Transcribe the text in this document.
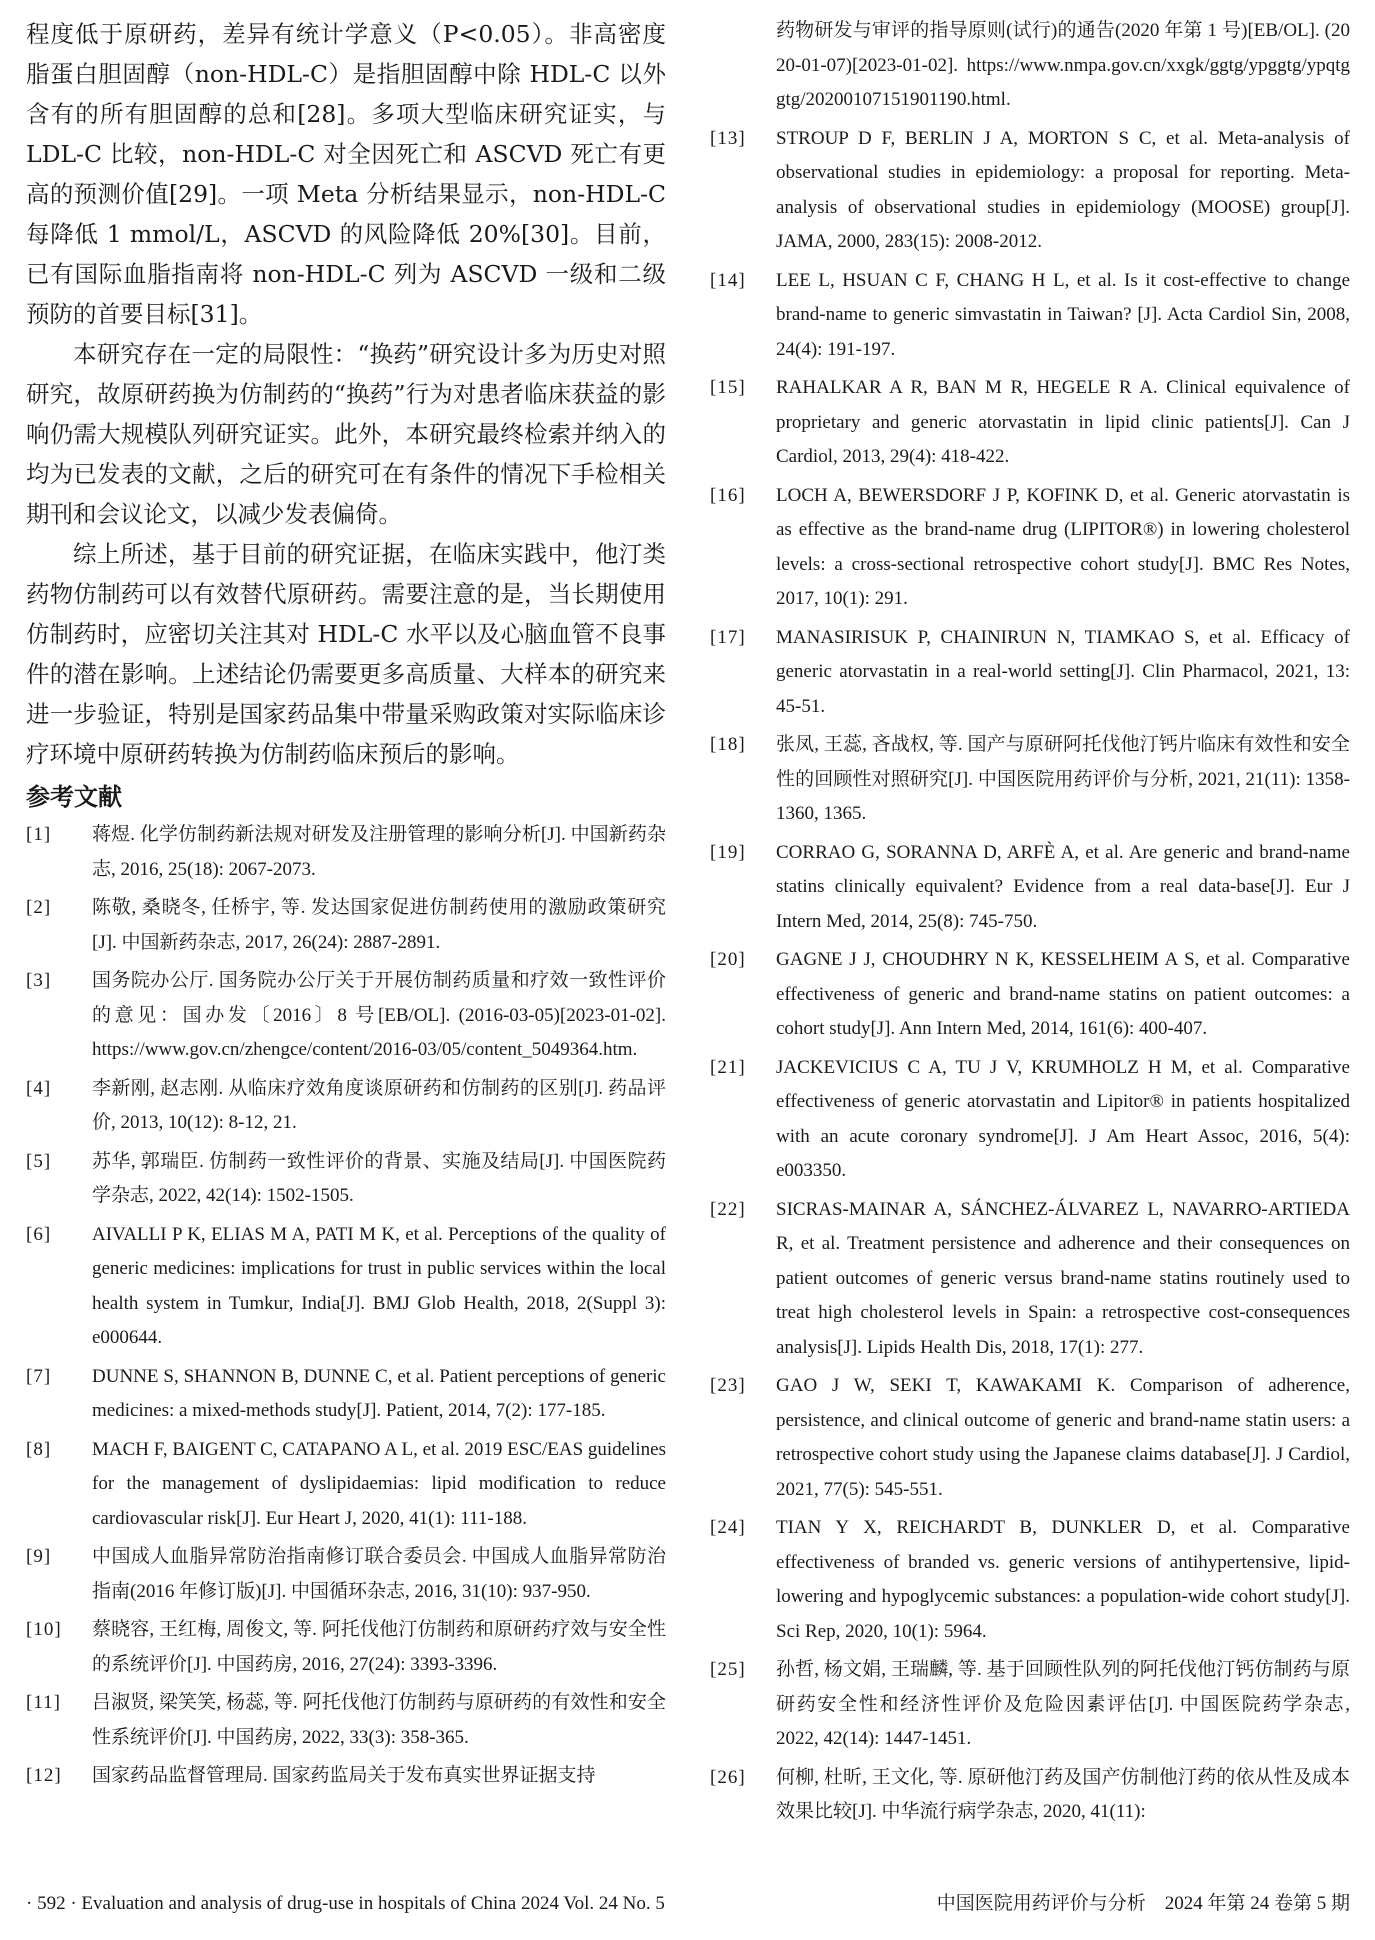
程度低于原研药，差异有统计学意义（P<0.05）。非高密度脂蛋白胆固醇（non-HDL-C）是指胆固醇中除 HDL-C 以外含有的所有胆固醇的总和[28]。多项大型临床研究证实，与 LDL-C 比较，non-HDL-C 对全因死亡和 ASCVD 死亡有更高的预测价值[29]。一项 Meta 分析结果显示，non-HDL-C 每降低 1 mmol/L，ASCVD 的风险降低 20%[30]。目前，已有国际血脂指南将 non-HDL-C 列为 ASCVD 一级和二级预防的首要目标[31]。

本研究存在一定的局限性：“换药”研究设计多为历史对照研究，故原研药换为仿制药的“换药”行为对患者临床获益的影响仍需大规模队列研究证实。此外，本研究最终检索并纳入的均为已发表的文献，之后的研究可在有条件的情况下手检相关期刊和会议论文，以减少发表偏倚。

综上所述，基于目前的研究证据，在临床实践中，他汀类药物仿制药可以有效替代原研药。需要注意的是，当长期使用仿制药时，应密切关注其对 HDL-C 水平以及心脑血管不良事件的潜在影响。上述结论仍需要更多高质量、大样本的研究来进一步验证，特别是国家药品集中带量采购政策对实际临床诊疗环境中原研药转换为仿制药临床预后的影响。

参考文献
[1]	蒋煜. 化学仿制药新法规对研发及注册管理的影响分析[J]. 中国新药杂志, 2016, 25(18): 2067-2073.
[2]	陈敬, 桑晓冬, 任桥宇, 等. 发达国家促进仿制药使用的激励政策研究[J]. 中国新药杂志, 2017, 26(24): 2887-2891.
[3]	国务院办公厅. 国务院办公厅关于开展仿制药质量和疗效一致性评价的意见：国办发〔2016〕8 号[EB/OL]. (2016-03-05)[2023-01-02]. https://www.gov.cn/zhengce/content/2016-03/05/content_5049364.htm.
[4]	李新刚, 赵志刚. 从临床疗效角度谈原研药和仿制药的区别[J]. 药品评价, 2013, 10(12): 8-12, 21.
[5]	苏华, 郭瑞臣. 仿制药一致性评价的背景、实施及结局[J]. 中国医院药学杂志, 2022, 42(14): 1502-1505.
[6]	AIVALLI P K, ELIAS M A, PATI M K, et al. Perceptions of the quality of generic medicines: implications for trust in public services within the local health system in Tumkur, India[J]. BMJ Glob Health, 2018, 2(Suppl 3): e000644.
[7]	DUNNE S, SHANNON B, DUNNE C, et al. Patient perceptions of generic medicines: a mixed-methods study[J]. Patient, 2014, 7(2): 177-185.
[8]	MACH F, BAIGENT C, CATAPANO A L, et al. 2019 ESC/EAS guidelines for the management of dyslipidaemias: lipid modification to reduce cardiovascular risk[J]. Eur Heart J, 2020, 41(1): 111-188.
[9]	中国成人血脂异常防治指南修订联合委员会. 中国成人血脂异常防治指南(2016 年修订版)[J]. 中国循环杂志, 2016, 31(10): 937-950.
[10]	蔡晓容, 王红梅, 周俊文, 等. 阿托伐他汀仿制药和原研药疗效与安全性的系统评价[J]. 中国药房, 2016, 27(24): 3393-3396.
[11]	吕淑贤, 梁笑笑, 杨蕊, 等. 阿托伐他汀仿制药与原研药的有效性和安全性系统评价[J]. 中国药房, 2022, 33(3): 358-365.
[12]	国家药品监督管理局. 国家药监局关于发布真实世界证据支持
药物研发与审评的指导原则(试行)的通告(2020 年第 1 号)[EB/OL]. (2020-01-07)[2023-01-02]. https://www.nmpa.gov.cn/xxgk/ggtg/ypggtg/ypqtggtg/20200107151901190.html.
[13]	STROUP D F, BERLIN J A, MORTON S C, et al. Meta-analysis of observational studies in epidemiology: a proposal for reporting. Meta-analysis of observational studies in epidemiology (MOOSE) group[J]. JAMA, 2000, 283(15): 2008-2012.
[14]	LEE L, HSUAN C F, CHANG H L, et al. Is it cost-effective to change brand-name to generic simvastatin in Taiwan? [J]. Acta Cardiol Sin, 2008, 24(4): 191-197.
[15]	RAHALKAR A R, BAN M R, HEGELE R A. Clinical equivalence of proprietary and generic atorvastatin in lipid clinic patients[J]. Can J Cardiol, 2013, 29(4): 418-422.
[16]	LOCH A, BEWERSDORF J P, KOFINK D, et al. Generic atorvastatin is as effective as the brand-name drug (LIPITOR®) in lowering cholesterol levels: a cross-sectional retrospective cohort study[J]. BMC Res Notes, 2017, 10(1): 291.
[17]	MANASIRISUK P, CHAINIRUN N, TIAMKAO S, et al. Efficacy of generic atorvastatin in a real-world setting[J]. Clin Pharmacol, 2021, 13: 45-51.
[18]	张凤, 王蕊, 吝战权, 等. 国产与原研阿托伐他汀钙片临床有效性和安全性的回顾性对照研究[J]. 中国医院用药评价与分析, 2021, 21(11): 1358-1360, 1365.
[19]	CORRAO G, SORANNA D, ARFÈ A, et al. Are generic and brand-name statins clinically equivalent? Evidence from a real data-base[J]. Eur J Intern Med, 2014, 25(8): 745-750.
[20]	GAGNE J J, CHOUDHRY N K, KESSELHEIM A S, et al. Comparative effectiveness of generic and brand-name statins on patient outcomes: a cohort study[J]. Ann Intern Med, 2014, 161(6): 400-407.
[21]	JACKEVICIUS C A, TU J V, KRUMHOLZ H M, et al. Comparative effectiveness of generic atorvastatin and Lipitor® in patients hospitalized with an acute coronary syndrome[J]. J Am Heart Assoc, 2016, 5(4): e003350.
[22]	SICRAS-MAINAR A, SÁNCHEZ-ÁLVAREZ L, NAVARRO-ARTIEDA R, et al. Treatment persistence and adherence and their consequences on patient outcomes of generic versus brand-name statins routinely used to treat high cholesterol levels in Spain: a retrospective cost-consequences analysis[J]. Lipids Health Dis, 2018, 17(1): 277.
[23]	GAO J W, SEKI T, KAWAKAMI K. Comparison of adherence, persistence, and clinical outcome of generic and brand-name statin users: a retrospective cohort study using the Japanese claims database[J]. J Cardiol, 2021, 77(5): 545-551.
[24]	TIAN Y X, REICHARDT B, DUNKLER D, et al. Comparative effectiveness of branded vs. generic versions of antihypertensive, lipid-lowering and hypoglycemic substances: a population-wide cohort study[J]. Sci Rep, 2020, 10(1): 5964.
[25]	孙哲, 杨文娟, 王瑞麟, 等. 基于回顾性队列的阿托伐他汀钙仿制药与原研药安全性和经济性评价及危险因素评估[J]. 中国医院药学杂志, 2022, 42(14): 1447-1451.
[26]	何柳, 杜昕, 王文化, 等. 原研他汀药及国产仿制他汀药的依从性及成本效果比较[J]. 中华流行病学杂志, 2020, 41(11):
· 592 · Evaluation and analysis of drug-use in hospitals of China 2024 Vol. 24 No. 5	中国医院用药评价与分析　2024 年第 24 卷第 5 期
